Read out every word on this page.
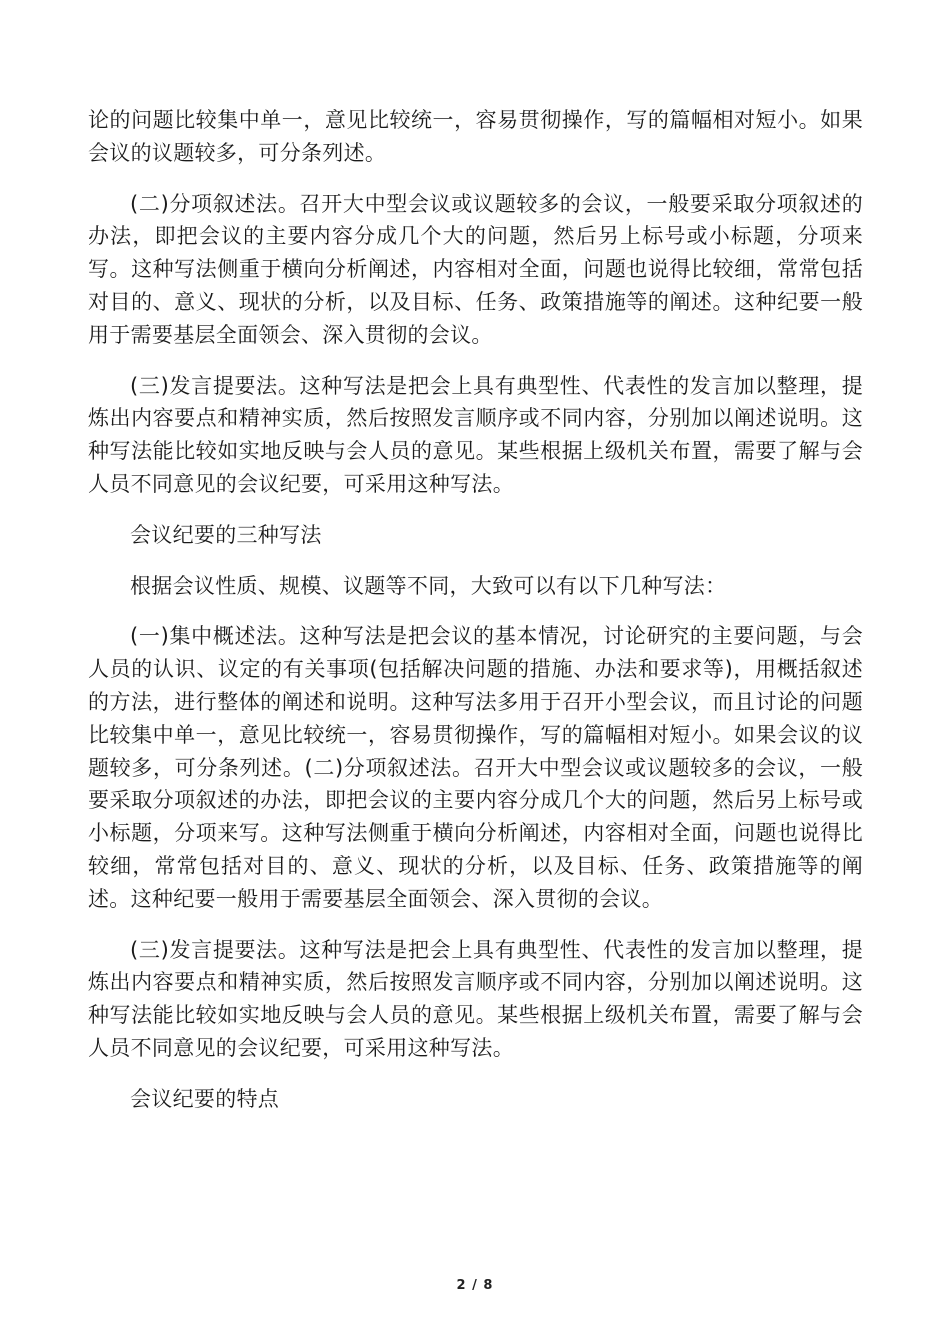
论的问题比较集中单一，意见比较统一，容易贯彻操作，写的篇幅相对短小。如果会议的议题较多，可分条列述。

(二)分项叙述法。召开大中型会议或议题较多的会议，一般要采取分项叙述的办法，即把会议的主要内容分成几个大的问题，然后另上标号或小标题，分项来写。这种写法侧重于横向分析阐述，内容相对全面，问题也说得比较细，常常包括对目的、意义、现状的分析，以及目标、任务、政策措施等的阐述。这种纪要一般用于需要基层全面领会、深入贯彻的会议。

(三)发言提要法。这种写法是把会上具有典型性、代表性的发言加以整理，提炼出内容要点和精神实质，然后按照发言顺序或不同内容，分别加以阐述说明。这种写法能比较如实地反映与会人员的意见。某些根据上级机关布置，需要了解与会人员不同意见的会议纪要，可采用这种写法。

会议纪要的三种写法

根据会议性质、规模、议题等不同，大致可以有以下几种写法：

(一)集中概述法。这种写法是把会议的基本情况，讨论研究的主要问题，与会人员的认识、议定的有关事项(包括解决问题的措施、办法和要求等)，用概括叙述的方法，进行整体的阐述和说明。这种写法多用于召开小型会议，而且讨论的问题比较集中单一，意见比较统一，容易贯彻操作，写的篇幅相对短小。如果会议的议题较多，可分条列述。(二)分项叙述法。召开大中型会议或议题较多的会议，一般要采取分项叙述的办法，即把会议的主要内容分成几个大的问题，然后另上标号或小标题，分项来写。这种写法侧重于横向分析阐述，内容相对全面，问题也说得比较细，常常包括对目的、意义、现状的分析，以及目标、任务、政策措施等的阐述。这种纪要一般用于需要基层全面领会、深入贯彻的会议。

(三)发言提要法。这种写法是把会上具有典型性、代表性的发言加以整理，提炼出内容要点和精神实质，然后按照发言顺序或不同内容，分别加以阐述说明。这种写法能比较如实地反映与会人员的意见。某些根据上级机关布置，需要了解与会人员不同意见的会议纪要，可采用这种写法。

会议纪要的特点

2 / 8
